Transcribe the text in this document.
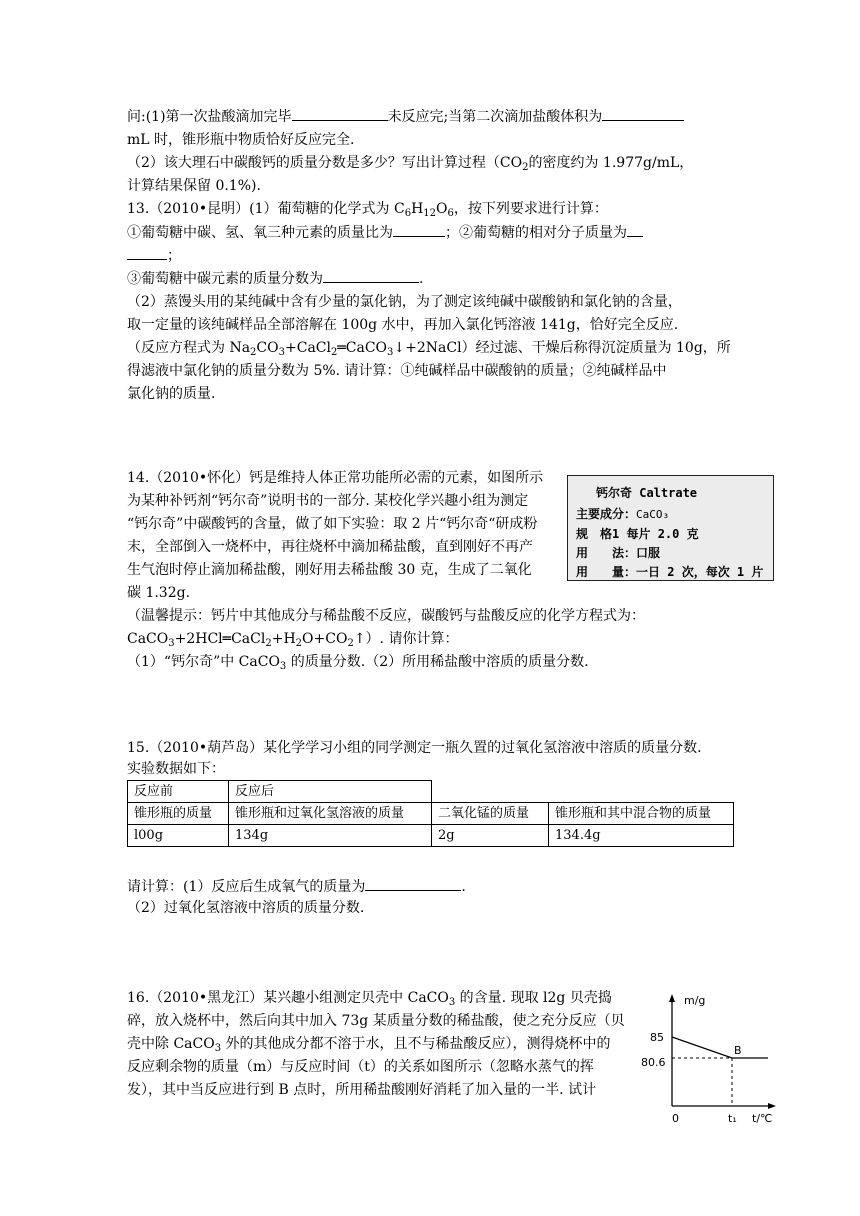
问:(1)第一次盐酸滴加完毕	未反应完;当第二次滴加盐酸体积为
mL 时，锥形瓶中物质恰好反应完全.
（2）该大理石中碳酸钙的质量分数是多少？写出计算过程（$CO_2$的密度约为 1.977g/mL，
计算结果保留 0.1%).
13.（2010•昆明）(1）葡萄糖的化学式为 $C_6H_{12}O_6$，按下列要求进行计算：
①葡萄糖中碳、氢、氧三种元素的质量比为	；②葡萄糖的相对分子质量为
；
③葡萄糖中碳元素的质量分数为	.
（2）蒸馒头用的某纯碱中含有少量的氯化钠，为了测定该纯碱中碳酸钠和氯化钠的含量，
取一定量的该纯碱样品全部溶解在 100g 水中，再加入氯化钙溶液 141g，恰好完全反应.
（反应方程式为 $Na_2CO_3+CaCl_2═CaCO_3↓+2NaCl$）经过滤、干燥后称得沉淀质量为 10g，所
得滤液中氯化钠的质量分数为 5%. 请计算：①纯碱样品中碳酸钠的质量；②纯碱样品中
氯化钠的质量.
14.（2010•怀化）钙是维持人体正常功能所必需的元素，如图所示
为某种补钙剂“钙尔奇”说明书的一部分. 某校化学兴趣小组为测定
“钙尔奇”中碳酸钙的含量，做了如下实验：取 2 片“钙尔奇“研成粉
末，全部倒入一烧杯中，再往烧杯中滴加稀盐酸，直到刚好不再产
生气泡时停止滴加稀盐酸，刚好用去稀盐酸 30 克，生成了二氧化
碳 1.32g.
（温馨提示：钙片中其他成分与稀盐酸不反应，碳酸钙与盐酸反应的化学方程式为：
$CaCO_3+2HCl═CaCl_2+H_2O+CO_2↑$）. 请你计算：
（1）“钙尔奇”中 CaCO$_3$ 的质量分数.（2）所用稀盐酸中溶质的质量分数.
钙尔奇 Caltrate
主要成分：CaCO₃
规　格1 每片 2.0 克
用　　法：口服
用　　量：一日 2 次，每次 1 片
15.（2010•葫芦岛）某化学学习小组的同学测定一瓶久置的过氧化氢溶液中溶质的质量分数.
实验数据如下：
反应前	反应后		
锥形瓶的质量	锥形瓶和过氧化氢溶液的质量	二氧化锰的质量	锥形瓶和其中混合物的质量
l00g	134g	2g	134.4g
请计算：(1）反应后生成氧气的质量为	.
（2）过氧化氢溶液中溶质的质量分数.
16.（2010•黑龙江）某兴趣小组测定贝壳中 CaCO$_3$ 的含量. 现取 l2g 贝壳捣
碎，放入烧杯中，然后向其中加入 73g 某质量分数的稀盐酸，使之充分反应（贝
壳中除 CaCO$_3$ 外的其他成分都不溶于水，且不与稀盐酸反应），测得烧杯中的
反应剩余物的质量（m）与反应时间（t）的关系如图所示（忽略水蒸气的挥
发），其中当反应进行到 B 点时，所用稀盐酸刚好消耗了加入量的一半. 试计
m/g
0	t/℃
85
80.6
B
t₁
